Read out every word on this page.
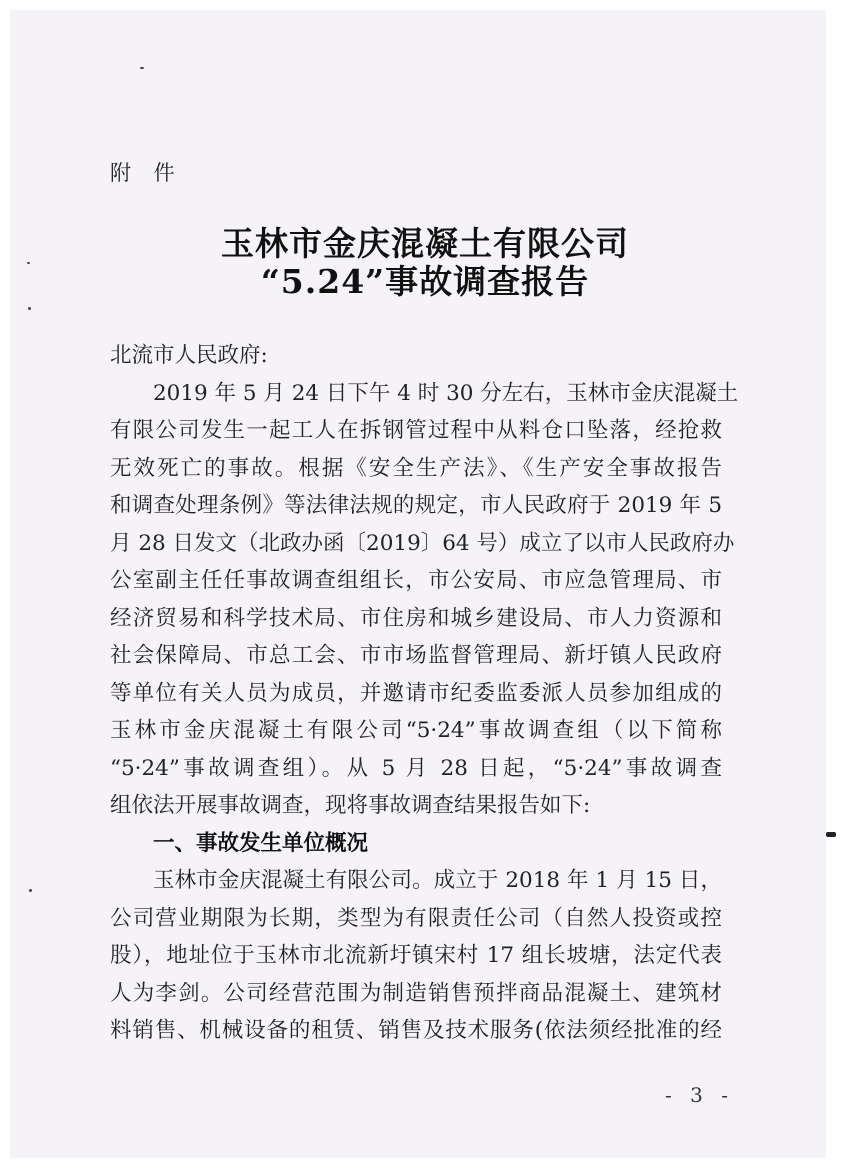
附 件
玉林市金庆混凝土有限公司
“5.24”事故调查报告
北流市人民政府:
2019 年 5 月 24 日下午 4 时 30 分左右，玉林市金庆混凝土
有限公司发生一起工人在拆钢管过程中从料仓口坠落，经抢救
无效死亡的事故。根据《安全生产法》、《生产安全事故报告
和调查处理条例》等法律法规的规定，市人民政府于 2019 年 5
月 28 日发文（北政办函〔2019〕64 号）成立了以市人民政府办
公室副主任任事故调查组组长，市公安局、市应急管理局、市
经济贸易和科学技术局、市住房和城乡建设局、市人力资源和
社会保障局、市总工会、市市场监督管理局、新圩镇人民政府
等单位有关人员为成员，并邀请市纪委监委派人员参加组成的
玉林市金庆混凝土有限公司“5·24”事故调查组（以下简称
“5·24”事故调查组）。从 5 月 28 日起，“5·24”事故调查
组依法开展事故调查，现将事故调查结果报告如下:
一、事故发生单位概况
玉林市金庆混凝土有限公司。成立于 2018 年 1 月 15 日，
公司营业期限为长期，类型为有限责任公司（自然人投资或控
股），地址位于玉林市北流新圩镇宋村 17 组长坡塘，法定代表
人为李剑。公司经营范围为制造销售预拌商品混凝土、建筑材
料销售、机械设备的租赁、销售及技术服务(依法须经批准的经
- 3 -
